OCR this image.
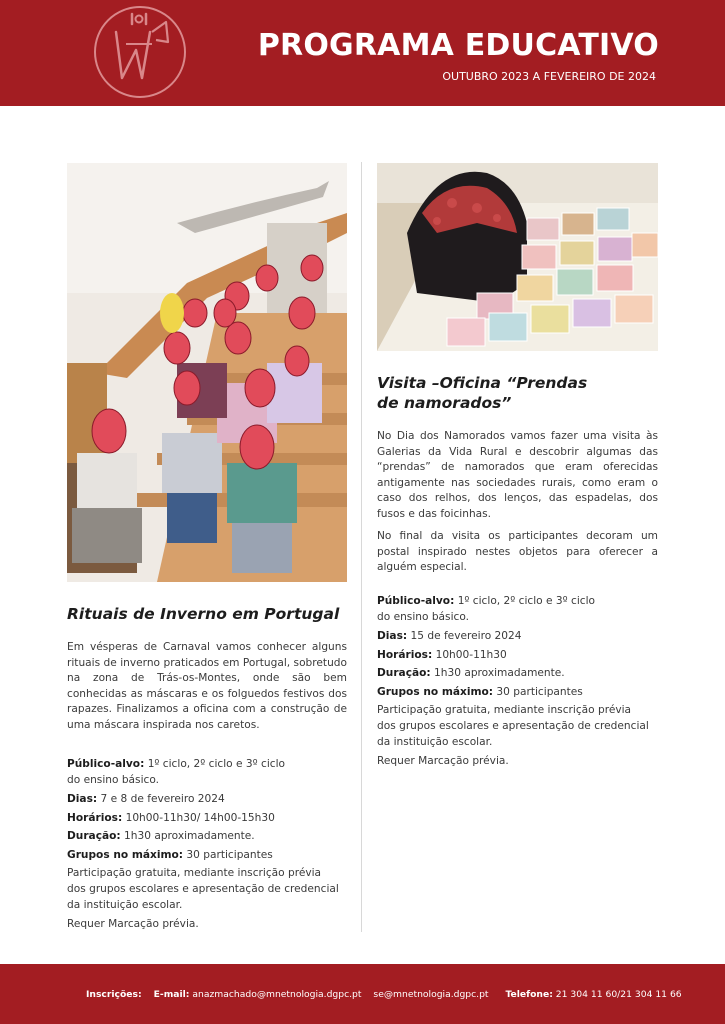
PROGRAMA EDUCATIVO
OUTUBRO 2023 A FEVEREIRO DE 2024
Rituais de Inverno em Portugal
Em vésperas de Carnaval vamos conhecer alguns rituais de inverno praticados em Portugal, sobretudo na zona de Trás-os-Montes, onde são bem conhecidas as máscaras e os folguedos festivos dos rapazes. Finalizamos a oficina com a construção de uma máscara inspirada nos caretos.
Público-alvo: 1º ciclo, 2º ciclo e 3º ciclo
do ensino básico.
Dias: 7 e 8 de fevereiro 2024
Horários: 10h00-11h30/ 14h00-15h30
Duração: 1h30 aproximadamente.
Grupos no máximo: 30 participantes
Participação gratuita, mediante inscrição prévia
dos grupos escolares e apresentação de credencial
da instituição escolar.
Requer Marcação prévia.
Visita –Oficina “Prendas
de namorados”
No Dia dos Namorados vamos fazer uma visita às Galerias da Vida Rural e descobrir algumas das “prendas” de namorados que eram oferecidas antigamente nas sociedades rurais, como eram o caso dos relhos, dos lenços, das espadelas, dos fusos e das foicinhas.
No final da visita os participantes decoram um postal inspirado nestes objetos para oferecer a alguém especial.
Público-alvo: 1º ciclo, 2º ciclo e 3º ciclo
do ensino básico.
Dias: 15 de fevereiro 2024
Horários: 10h00-11h30
Duração: 1h30 aproximadamente.
Grupos no máximo: 30 participantes
Participação gratuita, mediante inscrição prévia
dos grupos escolares e apresentação de credencial
da instituição escolar.
Requer Marcação prévia.
Inscrições: E-mail: anazmachado@mnetnologia.dgpc.pt se@mnetnologia.dgpc.pt Telefone: 21 304 11 60/21 304 11 66
